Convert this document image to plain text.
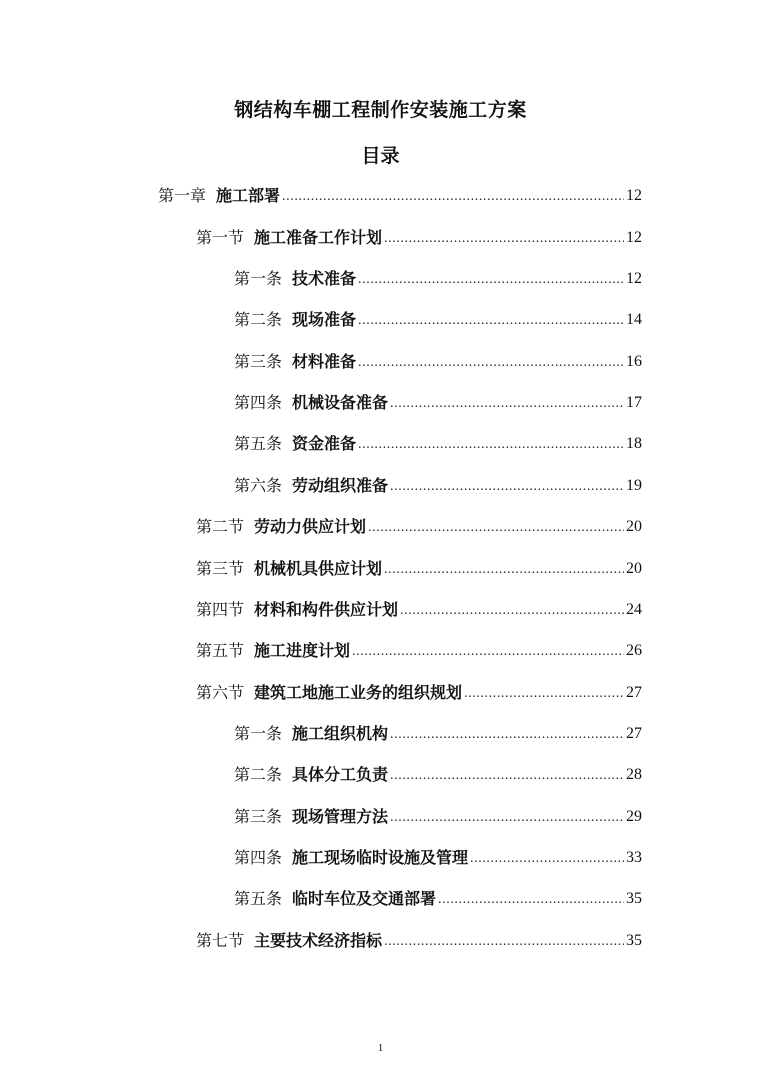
钢结构车棚工程制作安装施工方案
目录
第一章 施工部署 .....	12
第一节 施工准备工作计划 .....	12
第一条 技术准备 .....	12
第二条 现场准备 .....	14
第三条 材料准备 .....	16
第四条 机械设备准备 .....	17
第五条 资金准备 .....	18
第六条 劳动组织准备 .....	19
第二节 劳动力供应计划 .....	20
第三节 机械机具供应计划 .....	20
第四节 材料和构件供应计划 .....	24
第五节 施工进度计划 .....	26
第六节 建筑工地施工业务的组织规划 .....	27
第一条 施工组织机构 .....	27
第二条 具体分工负责 .....	28
第三条 现场管理方法 .....	29
第四条 施工现场临时设施及管理 .....	33
第五条 临时车位及交通部署 .....	35
第七节 主要技术经济指标 .....	35
1
